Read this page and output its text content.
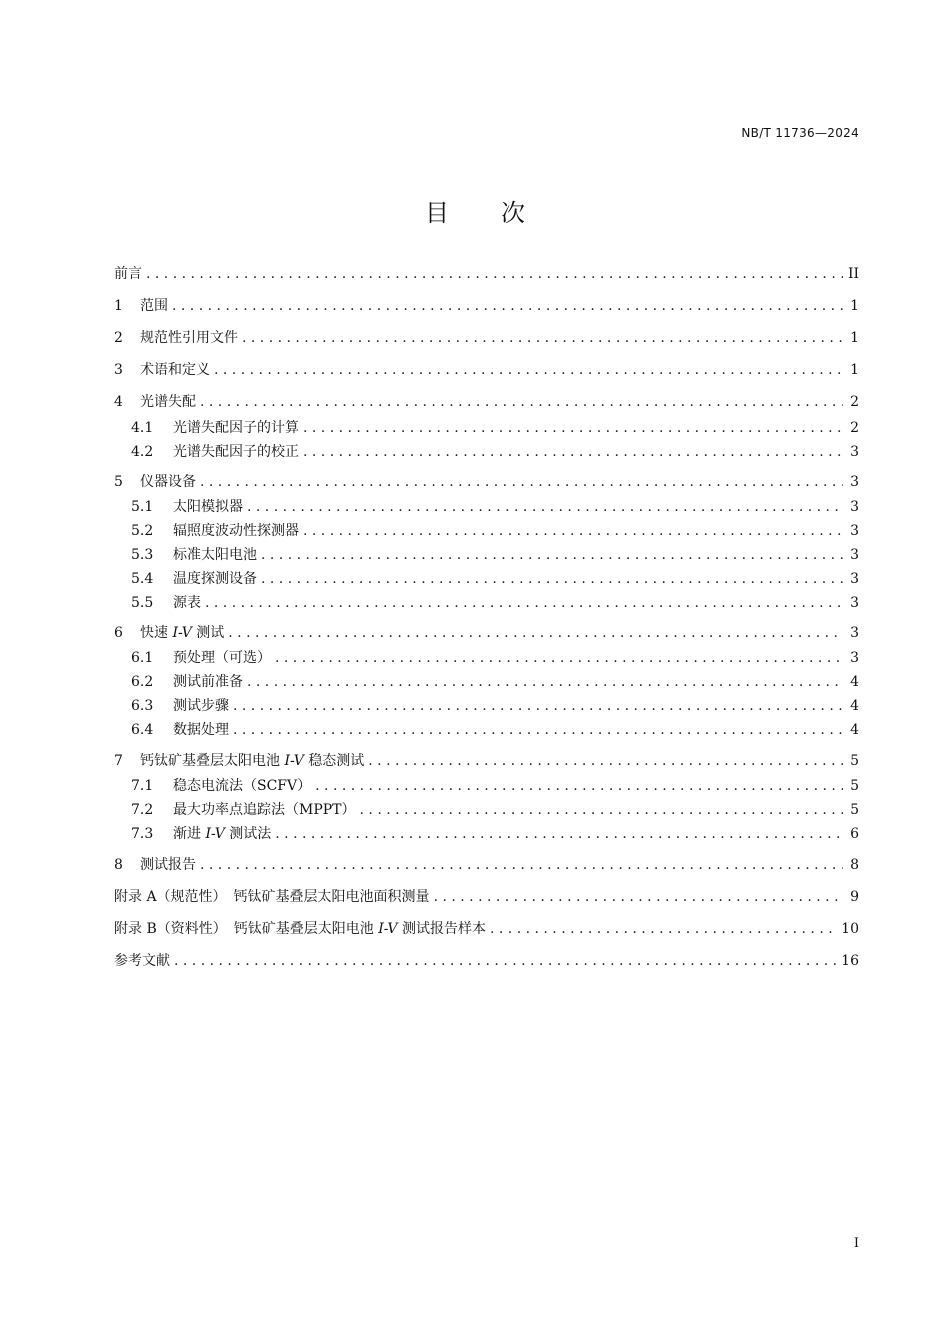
NB/T 11736—2024
目 次
前言 . . .	II
1	范围 . . .	1
2	规范性引用文件 . . .	1
3	术语和定义 . . .	1
4	光谱失配 . . .	2
4.1	光谱失配因子的计算 . . .	2
4.2	光谱失配因子的校正 . . .	3
5	仪器设备 . . .	3
5.1	太阳模拟器 . . .	3
5.2	辐照度波动性探测器 . . .	3
5.3	标准太阳电池 . . .	3
5.4	温度探测设备 . . .	3
5.5	源表 . . .	3
6	快速 I-V 测试 . . .	3
6.1	预处理（可选） . . .	3
6.2	测试前准备 . . .	4
6.3	测试步骤 . . .	4
6.4	数据处理 . . .	4
7	钙钛矿基叠层太阳电池 I-V 稳态测试 . . .	5
7.1	稳态电流法（SCFV） . . .	5
7.2	最大功率点追踪法（MPPT） . . .	5
7.3	渐进 I-V 测试法 . . .	6
8	测试报告 . . .	8
附录 A（规范性）　钙钛矿基叠层太阳电池面积测量 . . .	9
附录 B（资料性）　钙钛矿基叠层太阳电池 I-V 测试报告样本 . . .	10
参考文献 . . .	16
I
